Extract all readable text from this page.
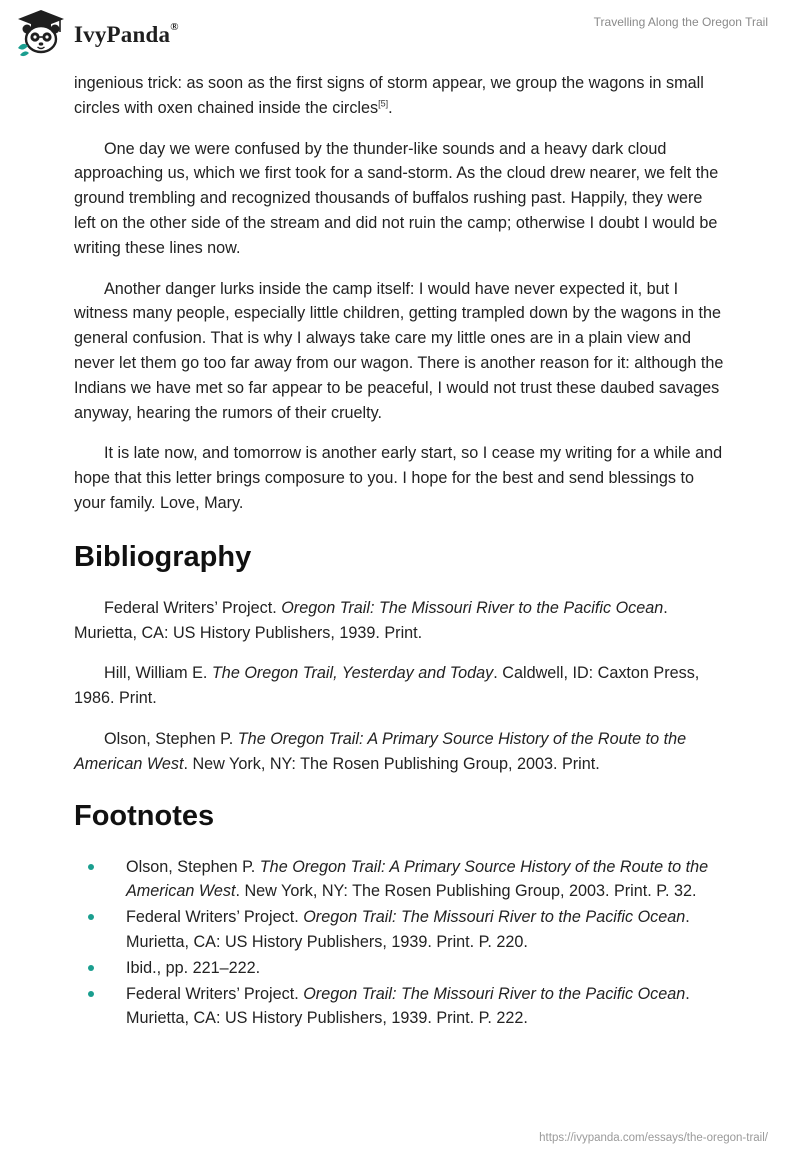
IvyPanda®	Travelling Along the Oregon Trail

ingenious trick: as soon as the first signs of storm appear, we group the wagons in small circles with oxen chained inside the circles[5].

One day we were confused by the thunder-like sounds and a heavy dark cloud approaching us, which we first took for a sand-storm. As the cloud drew nearer, we felt the ground trembling and recognized thousands of buffalos rushing past. Happily, they were left on the other side of the stream and did not ruin the camp; otherwise I doubt I would be writing these lines now.

Another danger lurks inside the camp itself: I would have never expected it, but I witness many people, especially little children, getting trampled down by the wagons in the general confusion. That is why I always take care my little ones are in a plain view and never let them go too far away from our wagon. There is another reason for it: although the Indians we have met so far appear to be peaceful, I would not trust these daubed savages anyway, hearing the rumors of their cruelty.

It is late now, and tomorrow is another early start, so I cease my writing for a while and hope that this letter brings composure to you. I hope for the best and send blessings to your family. Love, Mary.

Bibliography

Federal Writers’ Project. Oregon Trail: The Missouri River to the Pacific Ocean. Murietta, CA: US History Publishers, 1939. Print.

Hill, William E. The Oregon Trail, Yesterday and Today. Caldwell, ID: Caxton Press, 1986. Print.

Olson, Stephen P. The Oregon Trail: A Primary Source History of the Route to the American West. New York, NY: The Rosen Publishing Group, 2003. Print.

Footnotes
Olson, Stephen P. The Oregon Trail: A Primary Source History of the Route to the American West. New York, NY: The Rosen Publishing Group, 2003. Print. P. 32.
Federal Writers’ Project. Oregon Trail: The Missouri River to the Pacific Ocean. Murietta, CA: US History Publishers, 1939. Print. P. 220.
Ibid., pp. 221–222.
Federal Writers’ Project. Oregon Trail: The Missouri River to the Pacific Ocean. Murietta, CA: US History Publishers, 1939. Print. P. 222.
https://ivypanda.com/essays/the-oregon-trail/
